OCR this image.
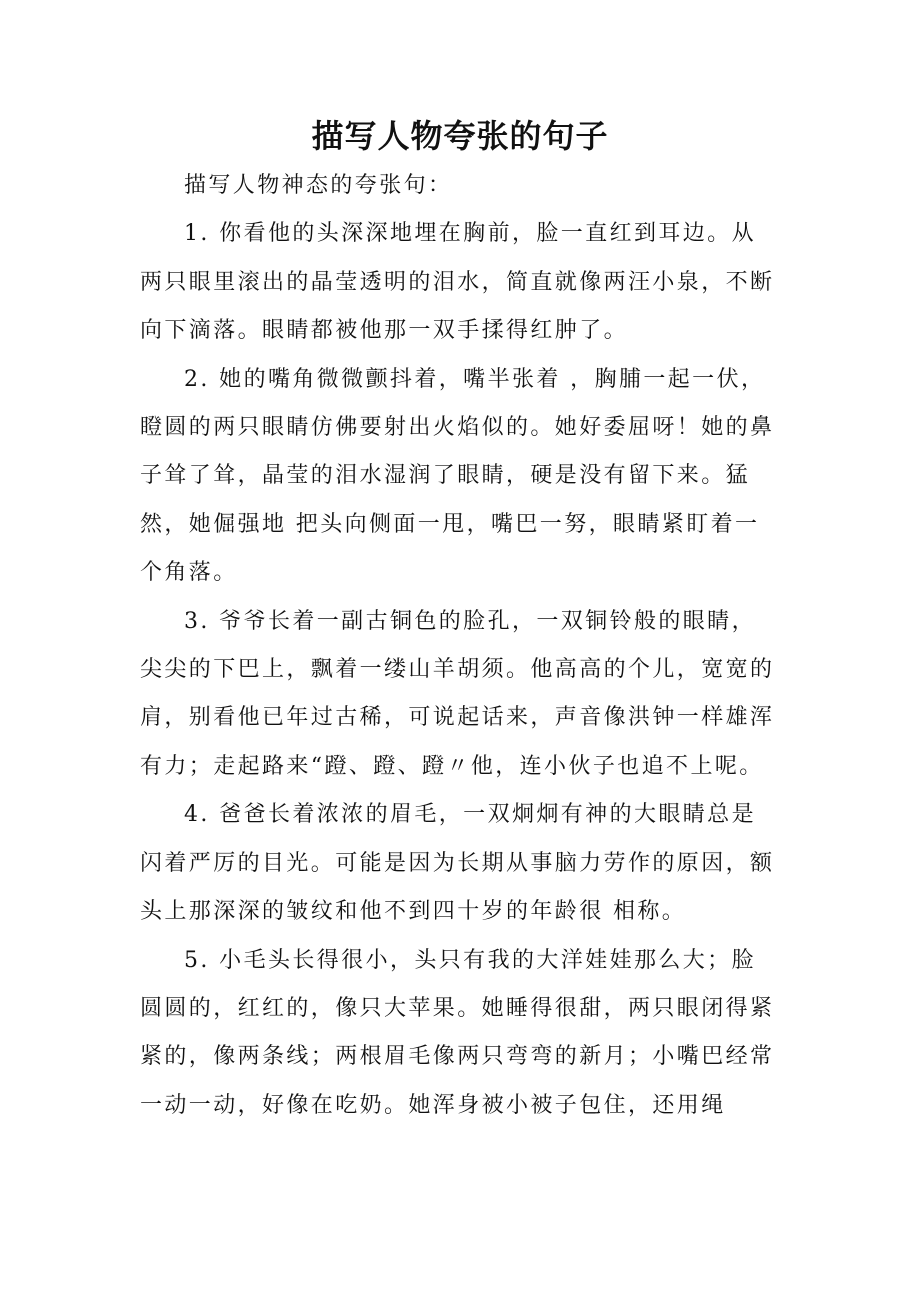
描写人物夸张的句子

描写人物神态的夸张句：

1. 你看他的头深深地埋在胸前，脸一直红到耳边。从两只眼里滚出的晶莹透明的泪水，简直就像两汪小泉，不断向下滴落。眼睛都被他那一双手揉得红肿了。

2. 她的嘴角微微颤抖着，嘴半张着 ，胸脯一起一伏，瞪圆的两只眼睛仿佛要射出火焰似的。她好委屈呀！她的鼻子耸了耸，晶莹的泪水湿润了眼睛，硬是没有留下来。猛然，她倔强地 把头向侧面一甩，嘴巴一努，眼睛紧盯着一个角落。

3. 爷爷长着一副古铜色的脸孔，一双铜铃般的眼睛，尖尖的下巴上，飘着一缕山羊胡须。他高高的个儿，宽宽的肩，别看他已年过古稀，可说起话来，声音像洪钟一样雄浑有力；走起路来“蹬、蹬、蹬〃他，连小伙子也追不上呢。

4. 爸爸长着浓浓的眉毛，一双炯炯有神的大眼睛总是闪着严厉的目光。可能是因为长期从事脑力劳作的原因，额头上那深深的皱纹和他不到四十岁的年龄很 相称。

5. 小毛头长得很小，头只有我的大洋娃娃那么大；脸圆圆的，红红的，像只大苹果。她睡得很甜，两只眼闭得紧紧的，像两条线；两根眉毛像两只弯弯的新月；小嘴巴经常一动一动，好像在吃奶。她浑身被小被子包住，还用绳
